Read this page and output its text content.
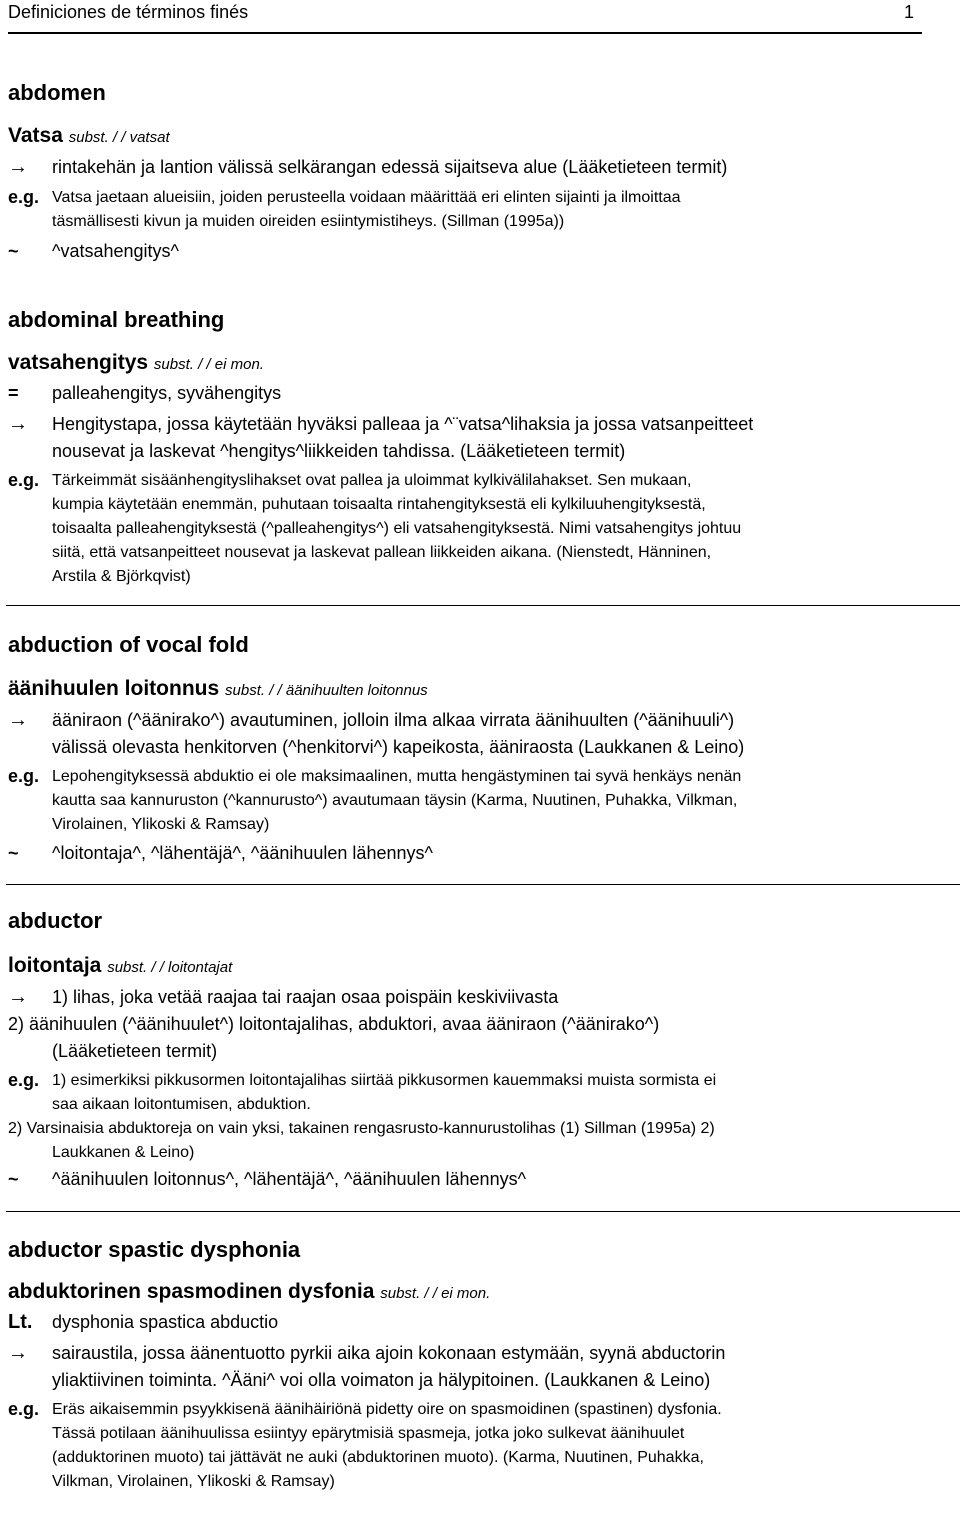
Definiciones de términos finés	1
abdomen
Vatsa subst. / / vatsat
→ rintakehän ja lantion välissä selkärangan edessä sijaitseva alue (Lääketieteen termit)
e.g. Vatsa jaetaan alueisiin, joiden perusteella voidaan määrittää eri elinten sijainti ja ilmoittaa
täsmällisesti kivun ja muiden oireiden esiintymistiheys. (Sillman (1995a))
~ ^vatsahengitys^
abdominal breathing
vatsahengitys subst. / / ei mon.
= palleahengitys, syvähengitys
→ Hengitystapa, jossa käytetään hyväksi palleaa ja ^¨vatsa^lihaksia ja jossa vatsanpeitteet
nousevat ja laskevat ^hengitys^liikkeiden tahdissa. (Lääketieteen termit)
e.g. Tärkeimmät sisäänhengityslihakset ovat pallea ja uloimmat kylkivälilahakset. Sen mukaan,
kumpia käytetään enemmän, puhutaan toisaalta rintahengityksestä eli kylkiluuhengityksestä,
toisaalta palleahengityksestä (^palleahengitys^) eli vatsahengityksestä. Nimi vatsahengitys johtuu
siitä, että vatsanpeitteet nousevat ja laskevat pallean liikkeiden aikana. (Nienstedt, Hänninen,
Arstila & Björkqvist)
abduction of vocal fold
äänihuulen loitonnus subst. / / äänihuulten loitonnus
→ ääniraon (^äänirako^) avautuminen, jolloin ilma alkaa virrata äänihuulten (^äänihuuli^)
välissä olevasta henkitorven (^henkitorvi^) kapeikosta, ääniraosta (Laukkanen & Leino)
e.g. Lepohengityksessä abduktio ei ole maksimaalinen, mutta hengästyminen tai syvä henkäys nenän
kautta saa kannuruston (^kannurusto^) avautumaan täysin (Karma, Nuutinen, Puhakka, Vilkman,
Virolainen, Ylikoski & Ramsay)
~ ^loitontaja^, ^lähentäjä^, ^äänihuulen lähennys^
abductor
loitontaja subst. / / loitontajat
→ 1) lihas, joka vetää raajaa tai raajan osaa poispäin keskiviivasta
2) äänihuulen (^äänihuulet^) loitontajalihas, abduktori, avaa ääniraon (^äänirako^)
(Lääketieteen termit)
e.g. 1) esimerkiksi pikkusormen loitontajalihas siirtää pikkusormen kauemmaksi muista sormista ei
saa aikaan loitontumisen, abduktion.
2) Varsinaisia abduktoreja on vain yksi, takainen rengasrusto-kannurustolihas (1) Sillman (1995a) 2)
Laukkanen & Leino)
~ ^äänihuulen loitonnus^, ^lähentäjä^, ^äänihuulen lähennys^
abductor spastic dysphonia
abduktorinen spasmodinen dysfonia subst. / / ei mon.
Lt. dysphonia spastica abductio
→ sairaustila, jossa äänentuotto pyrkii aika ajoin kokonaan estymään, syynä abductorin
yliaktiivinen toiminta. ^Ääni^ voi olla voimaton ja hälypitoinen. (Laukkanen & Leino)
e.g. Eräs aikaisemmin psyykkisenä äänihäiriönä pidetty oire on spasmoidinen (spastinen) dysfonia.
Tässä potilaan äänihuulissa esiintyy epärytmisiä spasmeja, jotka joko sulkevat äänihuulet
(adduktorinen muoto) tai jättävät ne auki (abduktorinen muoto). (Karma, Nuutinen, Puhakka,
Vilkman, Virolainen, Ylikoski & Ramsay)
